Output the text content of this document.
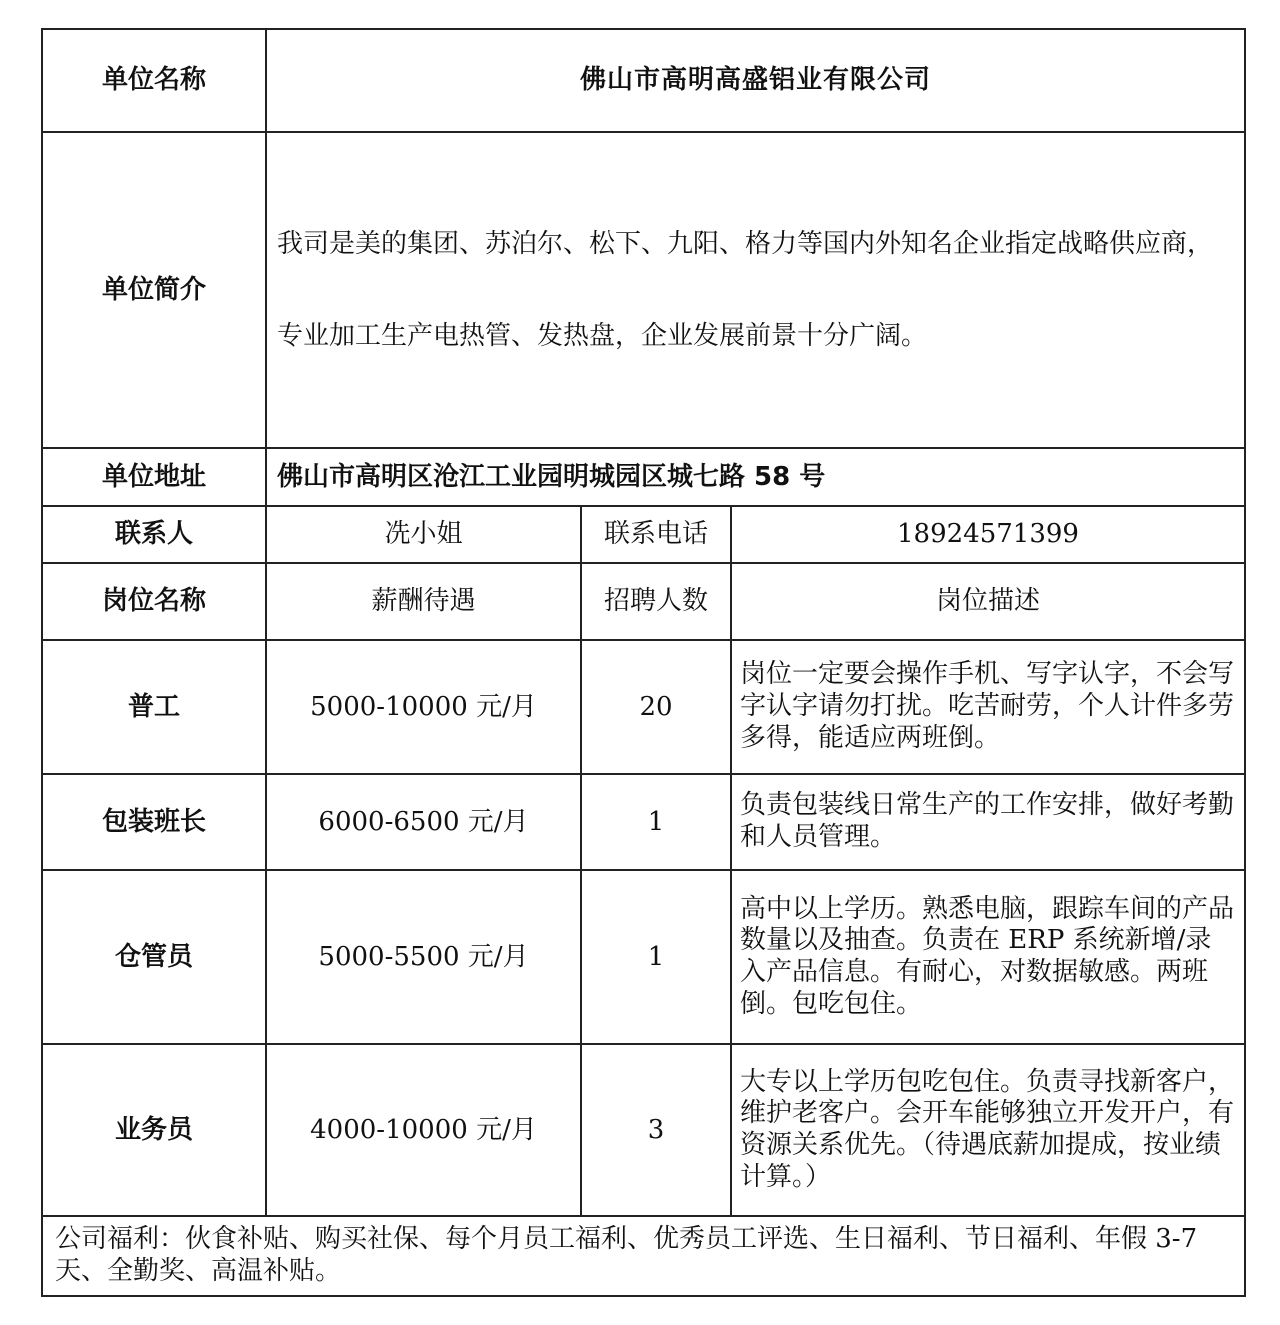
单位名称	佛山市高明高盛铝业有限公司		
单位简介	我司是美的集团、苏泊尔、松下、九阳、格力等国内外知名企业指定战略供应商，专业加工生产电热管、发热盘，企业发展前景十分广阔。		
单位地址	佛山市高明区沧江工业园明城园区城七路 58 号		
联系人	冼小姐	联系电话	18924571399
岗位名称	薪酬待遇	招聘人数	岗位描述
普工	5000-10000 元/月	20	岗位一定要会操作手机、写字认字，不会写字认字请勿打扰。吃苦耐劳，个人计件多劳多得，能适应两班倒。
包装班长	6000-6500 元/月	1	负责包装线日常生产的工作安排，做好考勤和人员管理。
仓管员	5000-5500 元/月	1	高中以上学历。熟悉电脑，跟踪车间的产品数量以及抽查。负责在 ERP 系统新增/录入产品信息。有耐心，对数据敏感。两班倒。包吃包住。
业务员	4000-10000 元/月	3	大专以上学历包吃包住。负责寻找新客户，维护老客户。会开车能够独立开发开户，有资源关系优先。（待遇底薪加提成，按业绩计算。）
公司福利：伙食补贴、购买社保、每个月员工福利、优秀员工评选、生日福利、节日福利、年假 3-7 天、全勤奖、高温补贴。			
